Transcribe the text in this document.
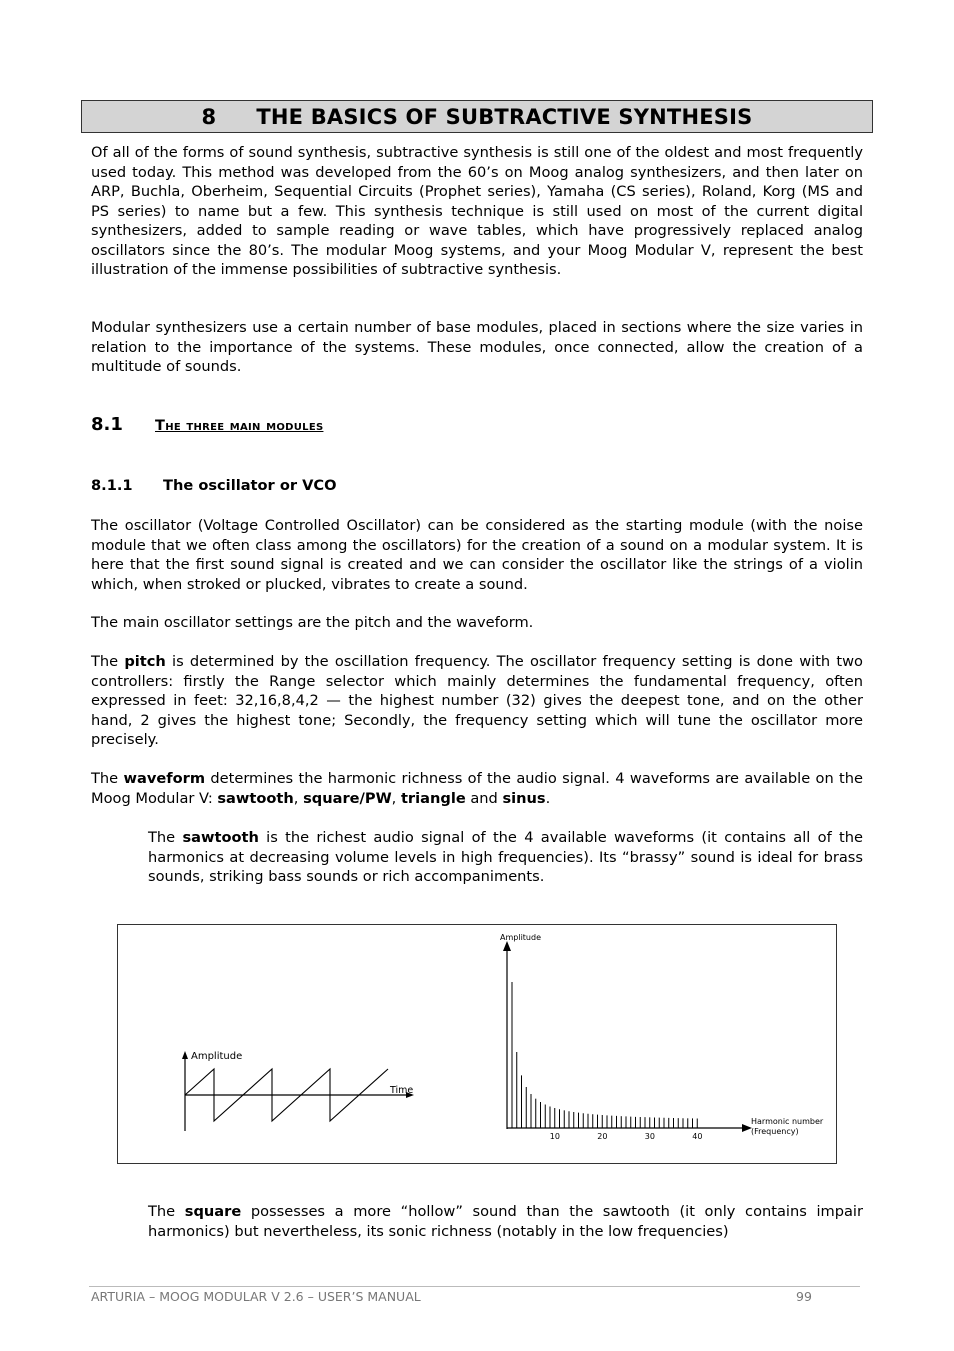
8 THE BASICS OF SUBTRACTIVE SYNTHESIS

Of all of the forms of sound synthesis, subtractive synthesis is still one of the oldest and most frequently used today. This method was developed from the 60’s on Moog analog synthesizers, and then later on ARP, Buchla, Oberheim, Sequential Circuits (Prophet series), Yamaha (CS series), Roland, Korg (MS and PS series) to name but a few. This synthesis technique is still used on most of the current digital synthesizers, added to sample reading or wave tables, which have progressively replaced analog oscillators since the 80’s. The modular Moog systems, and your Moog Modular V, represent the best illustration of the immense possibilities of subtractive synthesis.

Modular synthesizers use a certain number of base modules, placed in sections where the size varies in relation to the importance of the systems. These modules, once connected, allow the creation of a multitude of sounds.

8.1	The three main modules
8.1.1	The oscillator or VCO

The oscillator (Voltage Controlled Oscillator) can be considered as the starting module (with the noise module that we often class among the oscillators) for the creation of a sound on a modular system. It is here that the first sound signal is created and we can consider the oscillator like the strings of a violin which, when stroked or plucked, vibrates to create a sound.

The main oscillator settings are the pitch and the waveform.

The pitch is determined by the oscillation frequency. The oscillator frequency setting is done with two controllers: firstly the Range selector which mainly determines the fundamental frequency, often expressed in feet: 32,16,8,4,2 — the highest number (32) gives the deepest tone, and on the other hand, 2 gives the highest tone; Secondly, the frequency setting which will tune the oscillator more precisely.

The waveform determines the harmonic richness of the audio signal. 4 waveforms are available on the Moog Modular V: sawtooth, square/PW, triangle and sinus.

The sawtooth is the richest audio signal of the 4 available waveforms (it contains all of the harmonics at decreasing volume levels in high frequencies). Its “brassy” sound is ideal for brass sounds, striking bass sounds or rich accompaniments.

Amplitude
Time
Amplitude
Harmonic number
(Frequency)
10	20	30	40

The square possesses a more “hollow” sound than the sawtooth (it only contains impair harmonics) but nevertheless, its sonic richness (notably in the low frequencies)

ARTURIA – MOOG MODULAR V 2.6 – USER’S MANUAL	99
